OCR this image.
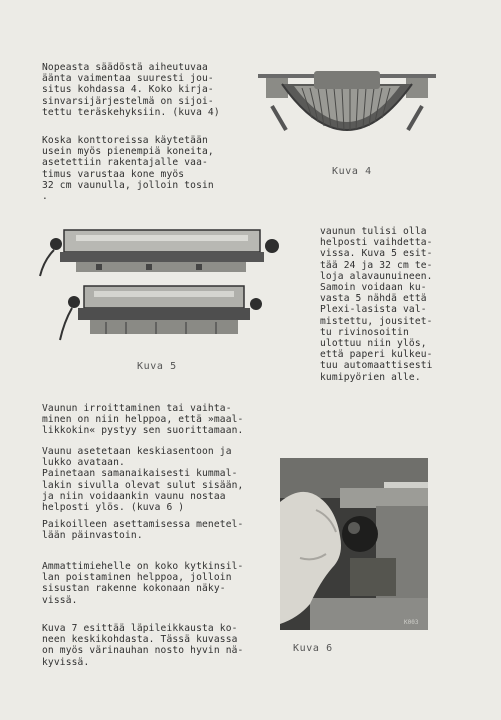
Nopeasta säädöstä aiheutuvaa
äänta vaimentaa suuresti jou-
situs kohdassa 4. Koko kirja-
sinvarsijärjestelmä on sijoi-
tettu teräskehyksiin. (kuva 4)

Koska konttoreissa käytetään
usein myös pienempiä koneita,
asetettiin rakentajalle vaa-
timus varustaa kone myös
32 cm vaunulla, jolloin tosin
.

Kuva 4

Kuva 5

vaunun tulisi olla
helposti vaihdetta-
vissa. Kuva 5 esit-
tää 24 ja 32 cm te-
loja alavaunuineen.
Samoin voidaan ku-
vasta 5 nähdä että
Plexi-lasista val-
mistettu, jousitet-
tu rivinosoitin
ulottuu niin ylös,
että paperi kulkeu-
tuu automaattisesti
kumipyörien alle.

Vaunun irroittaminen tai vaihta-
minen on niin helppoa, että »maal-
likkokin« pystyy sen suorittamaan.

Vaunu asetetaan keskiasentoon ja
lukko avataan.
Painetaan samanaikaisesti kummal-
lakin sivulla olevat sulut sisään,
ja niin voidaankin vaunu nostaa
helposti ylös. (kuva 6 )

Paikoilleen asettamisessa menetel-
lään päinvastoin.

Ammattimiehelle on koko kytkinsil-
lan poistaminen helppoa, jolloin
sisustan rakenne kokonaan näky-
vissä.

Kuva 7 esittää läpileikkausta ko-
neen keskikohdasta. Tässä kuvassa
on myös värinauhan nosto hyvin nä-
kyvissä.

K003

Kuva 6
